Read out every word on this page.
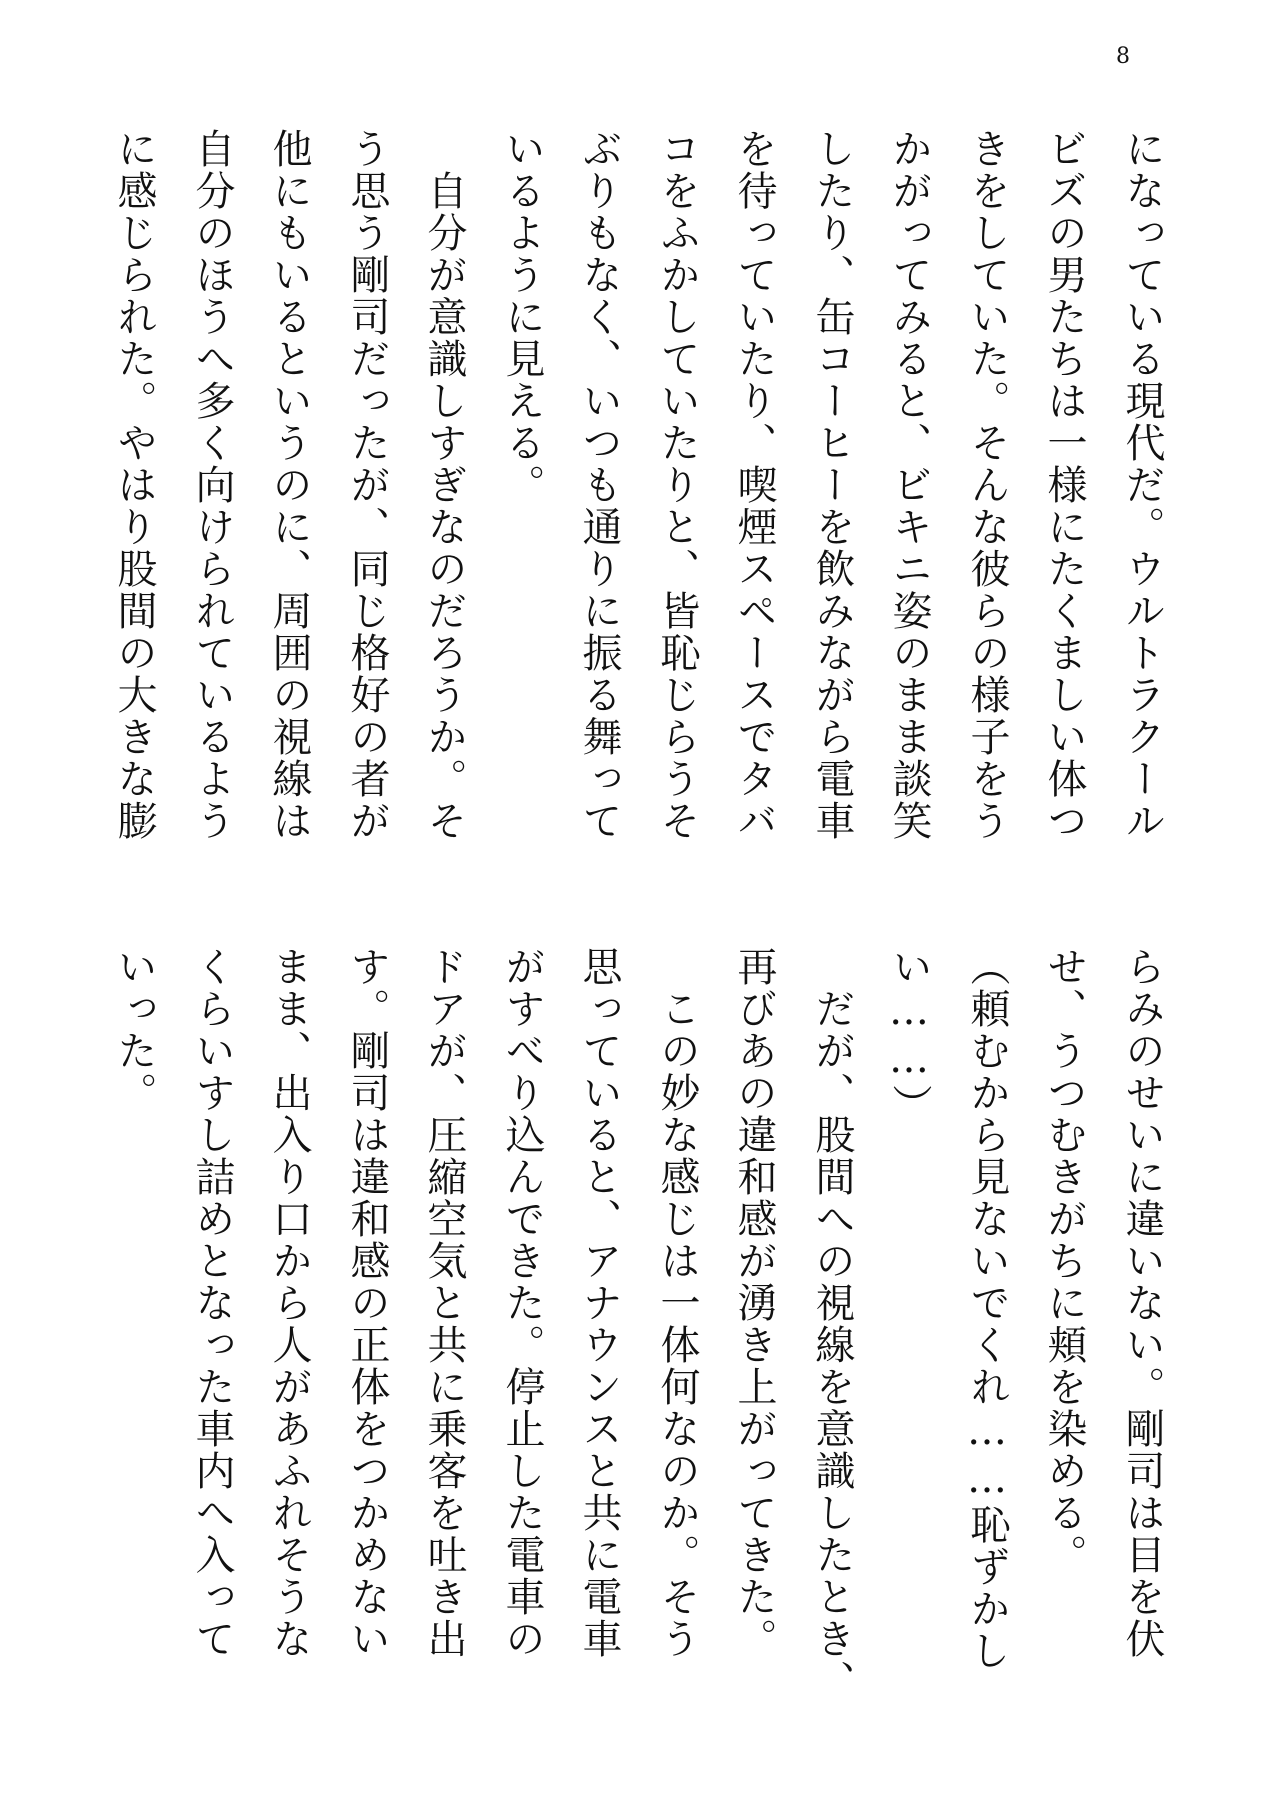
8
になっている現代だ。ウルトラクール
ビズの男たちは一様にたくましい体つ
きをしていた。そんな彼らの様子をう
かがってみると、ビキニ姿のまま談笑
したり、缶コーヒーを飲みながら電車
を待っていたり、喫煙スペースでタバ
コをふかしていたりと、皆恥じらうそ
ぶりもなく、いつも通りに振る舞って
いるように見える。
　自分が意識しすぎなのだろうか。そ
う思う剛司だったが、同じ格好の者が
他にもいるというのに、周囲の視線は
自分のほうへ多く向けられているよう
に感じられた。やはり股間の大きな膨
らみのせいに違いない。剛司は目を伏
せ、うつむきがちに頬を染める。
（頼むから見ないでくれ……恥ずかし
い……）
　だが、股間への視線を意識したとき、
再びあの違和感が湧き上がってきた。
　この妙な感じは一体何なのか。そう
思っていると、アナウンスと共に電車
がすべり込んできた。停止した電車の
ドアが、圧縮空気と共に乗客を吐き出
す。剛司は違和感の正体をつかめない
まま、出入り口から人があふれそうな
くらいすし詰めとなった車内へ入って
いった。
